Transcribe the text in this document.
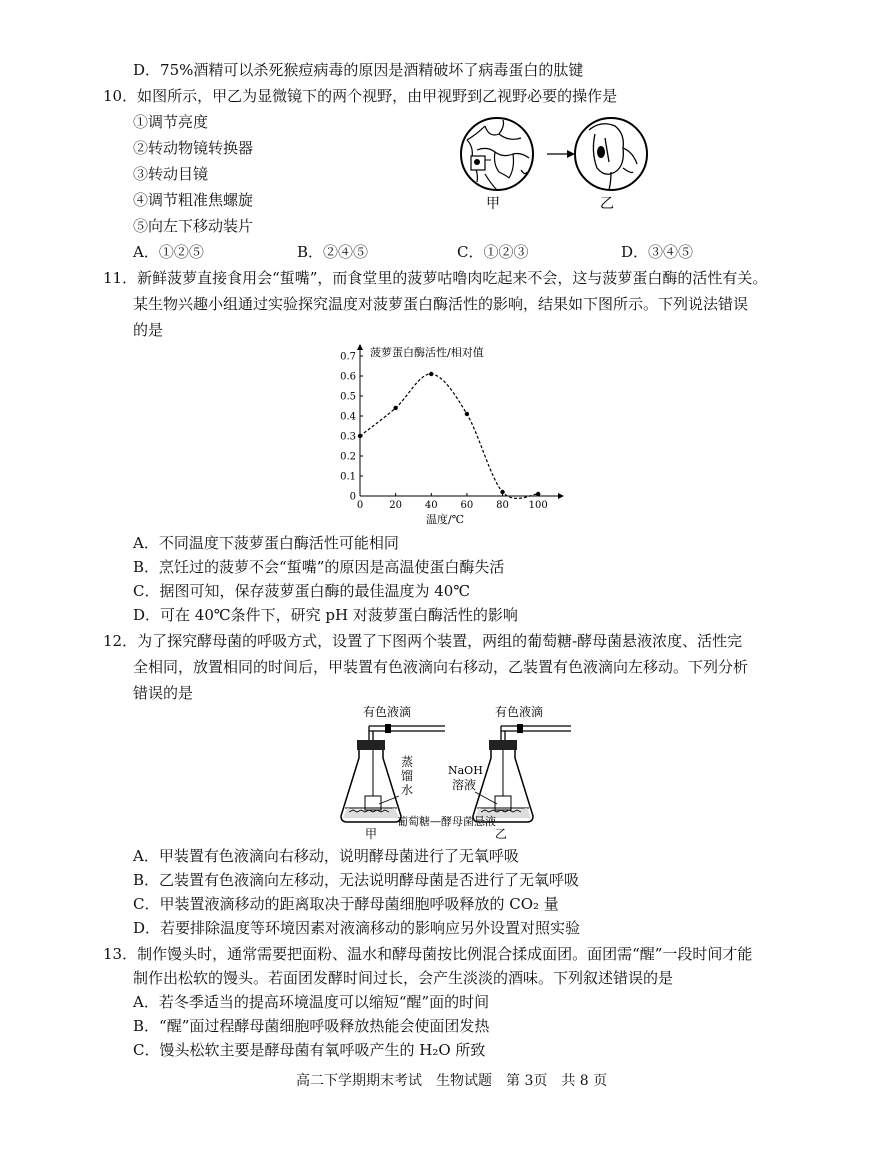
D．75%酒精可以杀死猴痘病毒的原因是酒精破坏了病毒蛋白的肽键
10．如图所示，甲乙为显微镜下的两个视野，由甲视野到乙视野必要的操作是
①调节亮度
②转动物镜转换器
③转动目镜
④调节粗准焦螺旋
⑤向左下移动装片
甲	乙
A．①②⑤	B．②④⑤	C．①②③	D．③④⑤
11．新鲜菠萝直接食用会“蜇嘴”，而食堂里的菠萝咕噜肉吃起来不会，这与菠萝蛋白酶的活性有关。
某生物兴趣小组通过实验探究温度对菠萝蛋白酶活性的影响，结果如下图所示。下列说法错误
的是
0	20 40 60 80 100
0
0.1
0.2
0.3
0.4
0.5
0.6
0.7 菠萝蛋白酶活性/相对值
温度/℃
A．不同温度下菠萝蛋白酶活性可能相同
B．烹饪过的菠萝不会“蜇嘴”的原因是高温使蛋白酶失活
C．据图可知，保存菠萝蛋白酶的最佳温度为 40℃
D．可在 40℃条件下，研究 pH 对菠萝蛋白酶活性的影响
12．为了探究酵母菌的呼吸方式，设置了下图两个装置，两组的葡萄糖-酵母菌悬液浓度、活性完
全相同，放置相同的时间后，甲装置有色液滴向右移动，乙装置有色液滴向左移动。下列分析
错误的是
有色液滴
蒸
馏
水
甲
有色液滴
NaOH
溶液
乙
葡萄糖—酵母菌悬液
A．甲装置有色液滴向右移动，说明酵母菌进行了无氧呼吸
B．乙装置有色液滴向左移动，无法说明酵母菌是否进行了无氧呼吸
C．甲装置液滴移动的距离取决于酵母菌细胞呼吸释放的 CO₂ 量
D．若要排除温度等环境因素对液滴移动的影响应另外设置对照实验
13．制作馒头时，通常需要把面粉、温水和酵母菌按比例混合揉成面团。面团需“醒”一段时间才能
制作出松软的馒头。若面团发酵时间过长，会产生淡淡的酒味。下列叙述错误的是
A．若冬季适当的提高环境温度可以缩短“醒”面的时间
B．“醒”面过程酵母菌细胞呼吸释放热能会使面团发热
C．馒头松软主要是酵母菌有氧呼吸产生的 H₂O 所致
高二下学期期末考试　生物试题　第 3页　共 8 页
